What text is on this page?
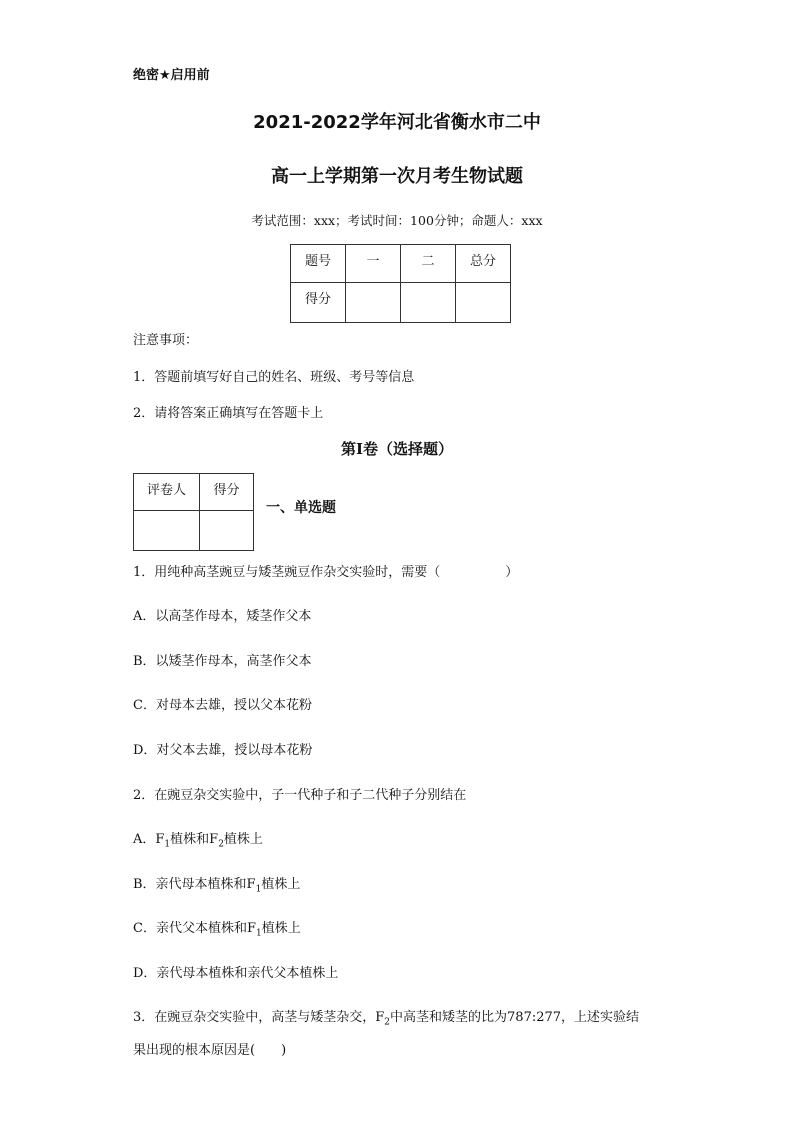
绝密★启用前
2021-2022学年河北省衡水市二中
高一上学期第一次月考生物试题
考试范围：xxx；考试时间：100分钟；命题人：xxx
题号	一	二	总分
得分			
注意事项：
1．答题前填写好自己的姓名、班级、考号等信息
2．请将答案正确填写在答题卡上
第I卷（选择题）
评卷人	得分

一、单选题
1．用纯种高茎豌豆与矮茎豌豆作杂交实验时，需要（　　　　　）
A．以高茎作母本，矮茎作父本
B．以矮茎作母本，高茎作父本
C．对母本去雄，授以父本花粉
D．对父本去雄，授以母本花粉
2．在豌豆杂交实验中，子一代种子和子二代种子分别结在
A．$F_1$植株和$F_2$植株上
B．亲代母本植株和$F_1$植株上
C．亲代父本植株和$F_1$植株上
D．亲代母本植株和亲代父本植株上
3．在豌豆杂交实验中，高茎与矮茎杂交，$F_2$中高茎和矮茎的比为787:277，上述实验结
果出现的根本原因是(　　)
